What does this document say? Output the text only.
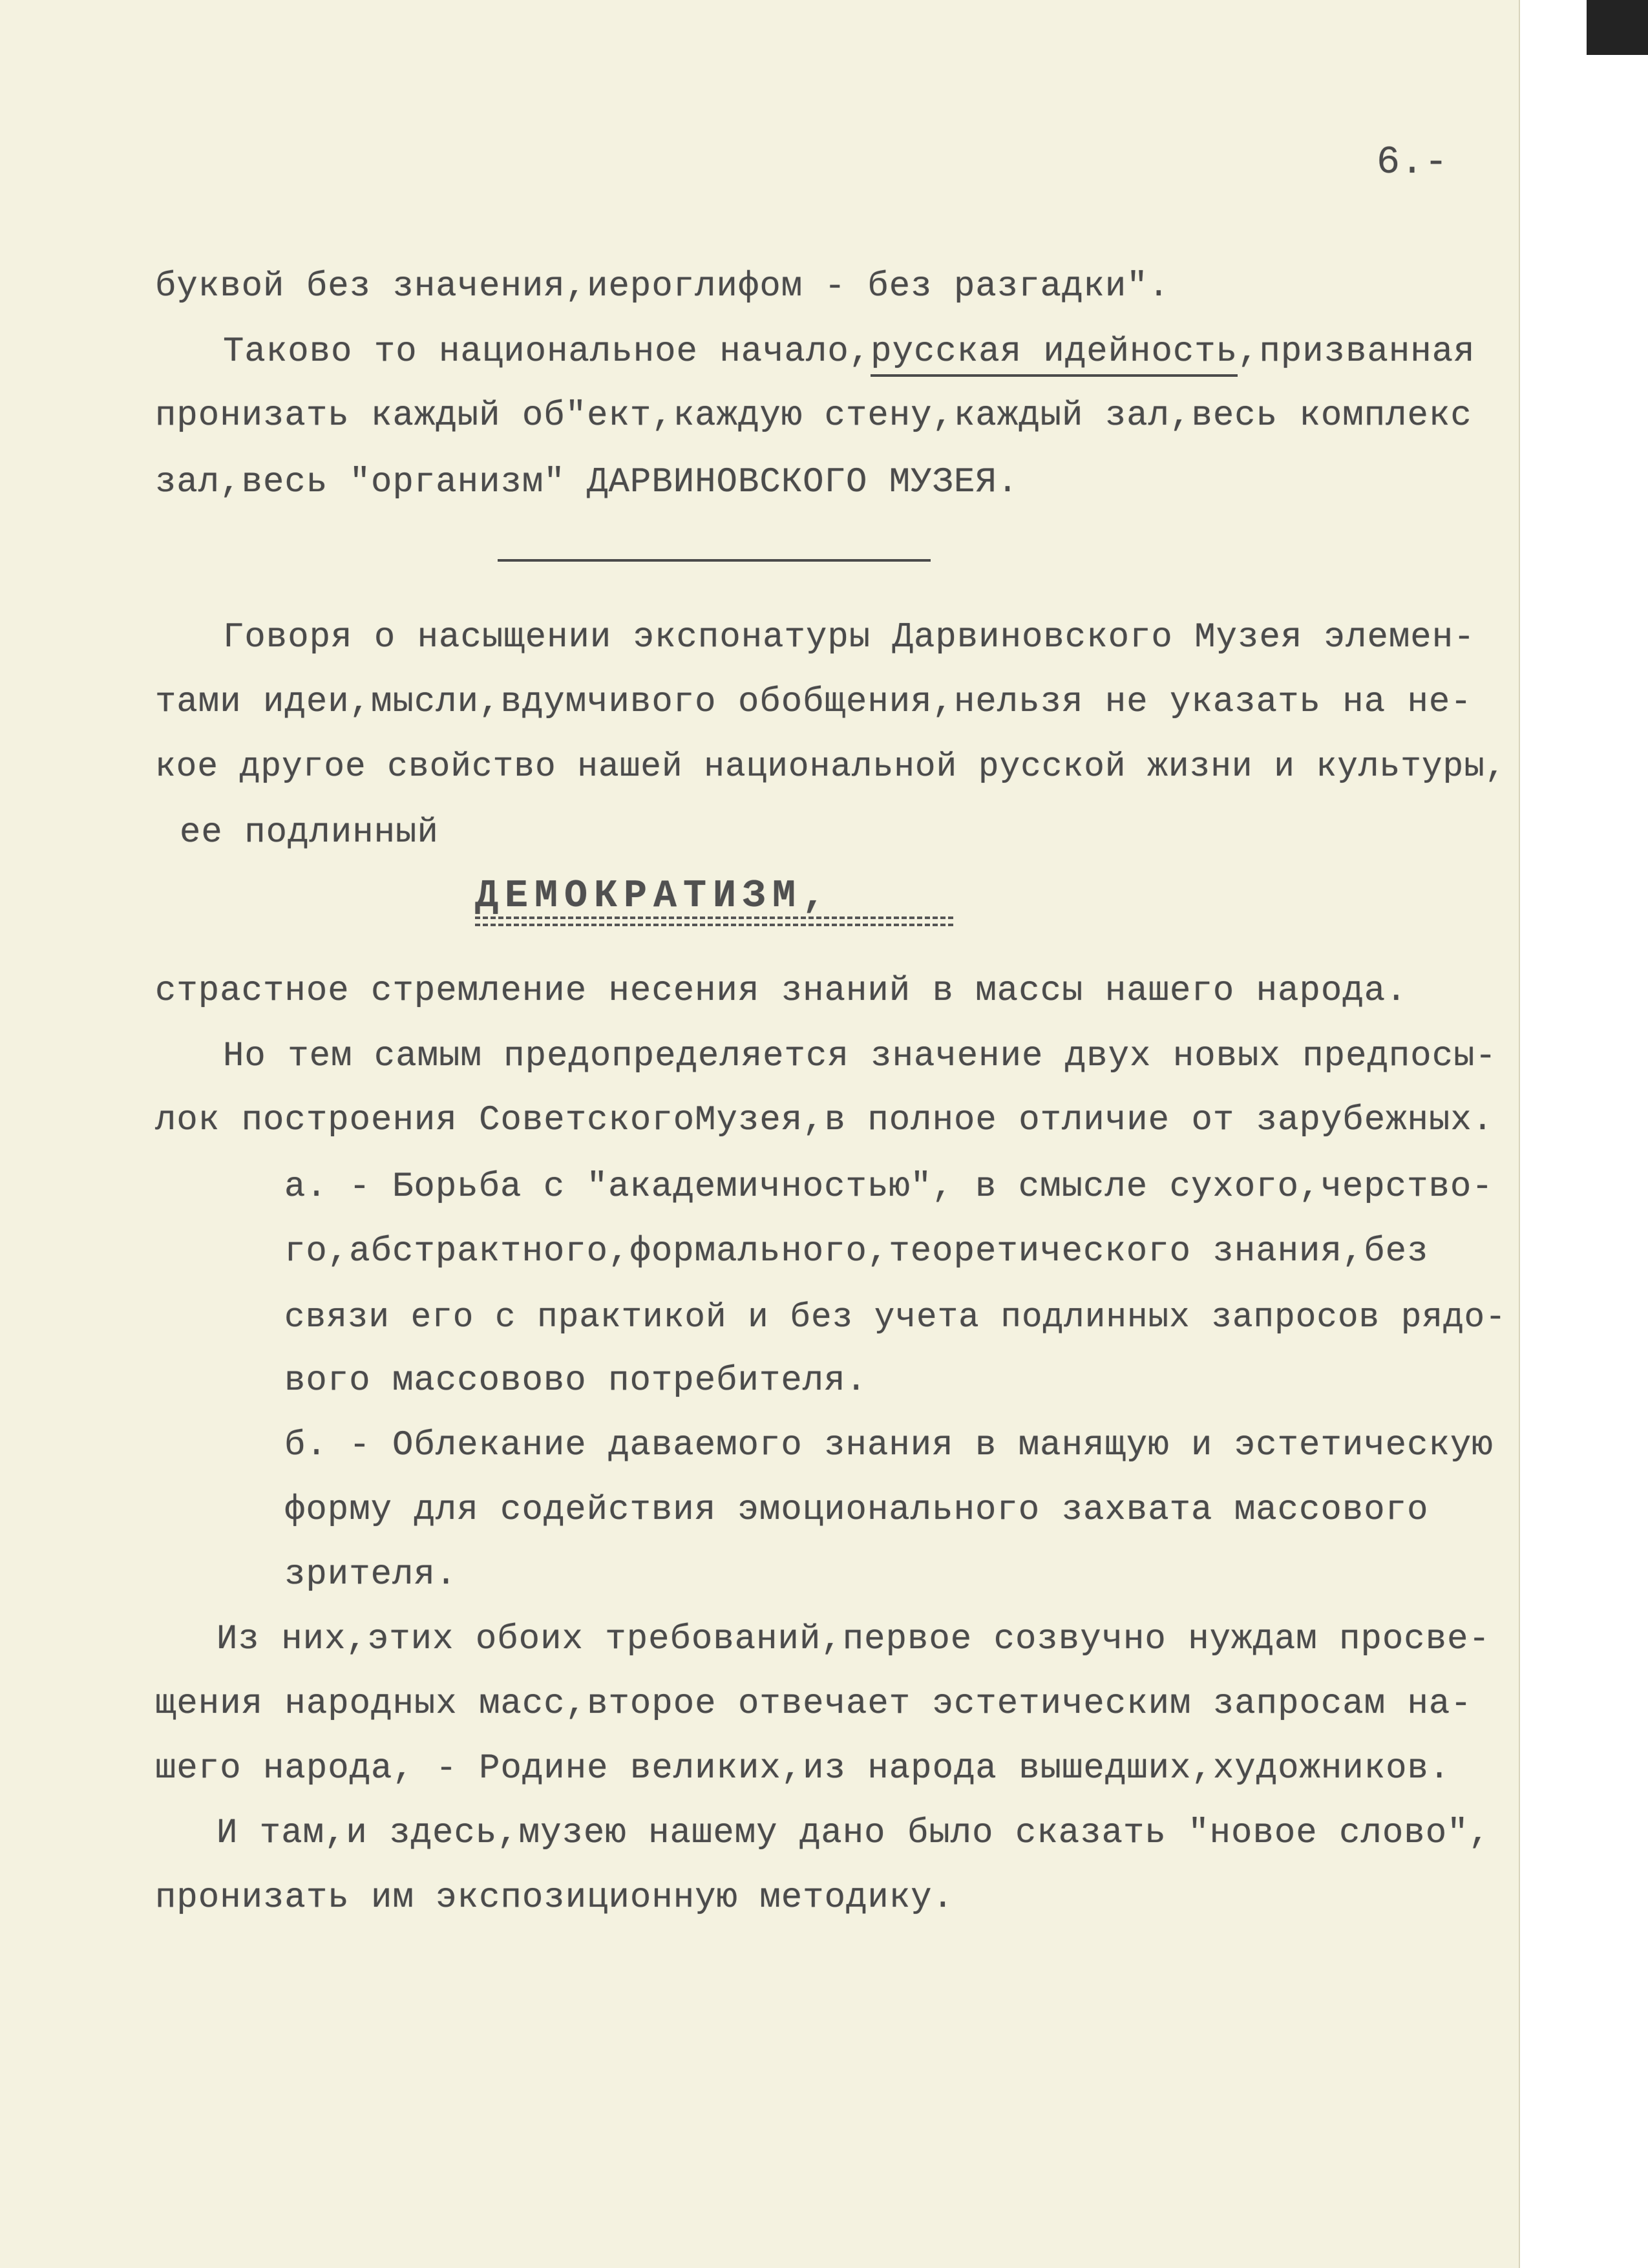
6.-
буквой без значения,иероглифом - без разгадки".
Таково то национальное начало,русская идейность,призванная
пронизать каждый об"ект,каждую стену,каждый зал,весь комплекс
зал,весь "организм" ДАРВИНОВСКОГО МУЗЕЯ.
Говоря о насыщении экспонатуры Дарвиновского Музея элемен-
тами идеи,мысли,вдумчивого обобщения,нельзя не указать на не-
кое другое свойство нашей национальной русской жизни и культуры,
ее подлинный
ДЕМОКРАТИЗМ,
страстное стремление несения знаний в массы нашего народа.
Но тем самым предопределяется значение двух новых предпосы-
лок построения СоветскогоМузея,в полное отличие от зарубежных.
а. - Борьба с "академичностью", в смысле сухого,черство-
го,абстрактного,формального,теоретического знания,без
связи его с практикой и без учета подлинных запросов рядо-
вого массовово потребителя.
б. - Облекание даваемого знания в манящую и эстетическую
форму для содействия эмоционального захвата массового
зрителя.
Из них,этих обоих требований,первое созвучно нуждам просве-
щения народных масс,второе отвечает эстетическим запросам на-
шего народа, - Родине великих,из народа вышедших,художников.
И там,и здесь,музею нашему дано было сказать "новое слово",
пронизать им экспозиционную методику.
